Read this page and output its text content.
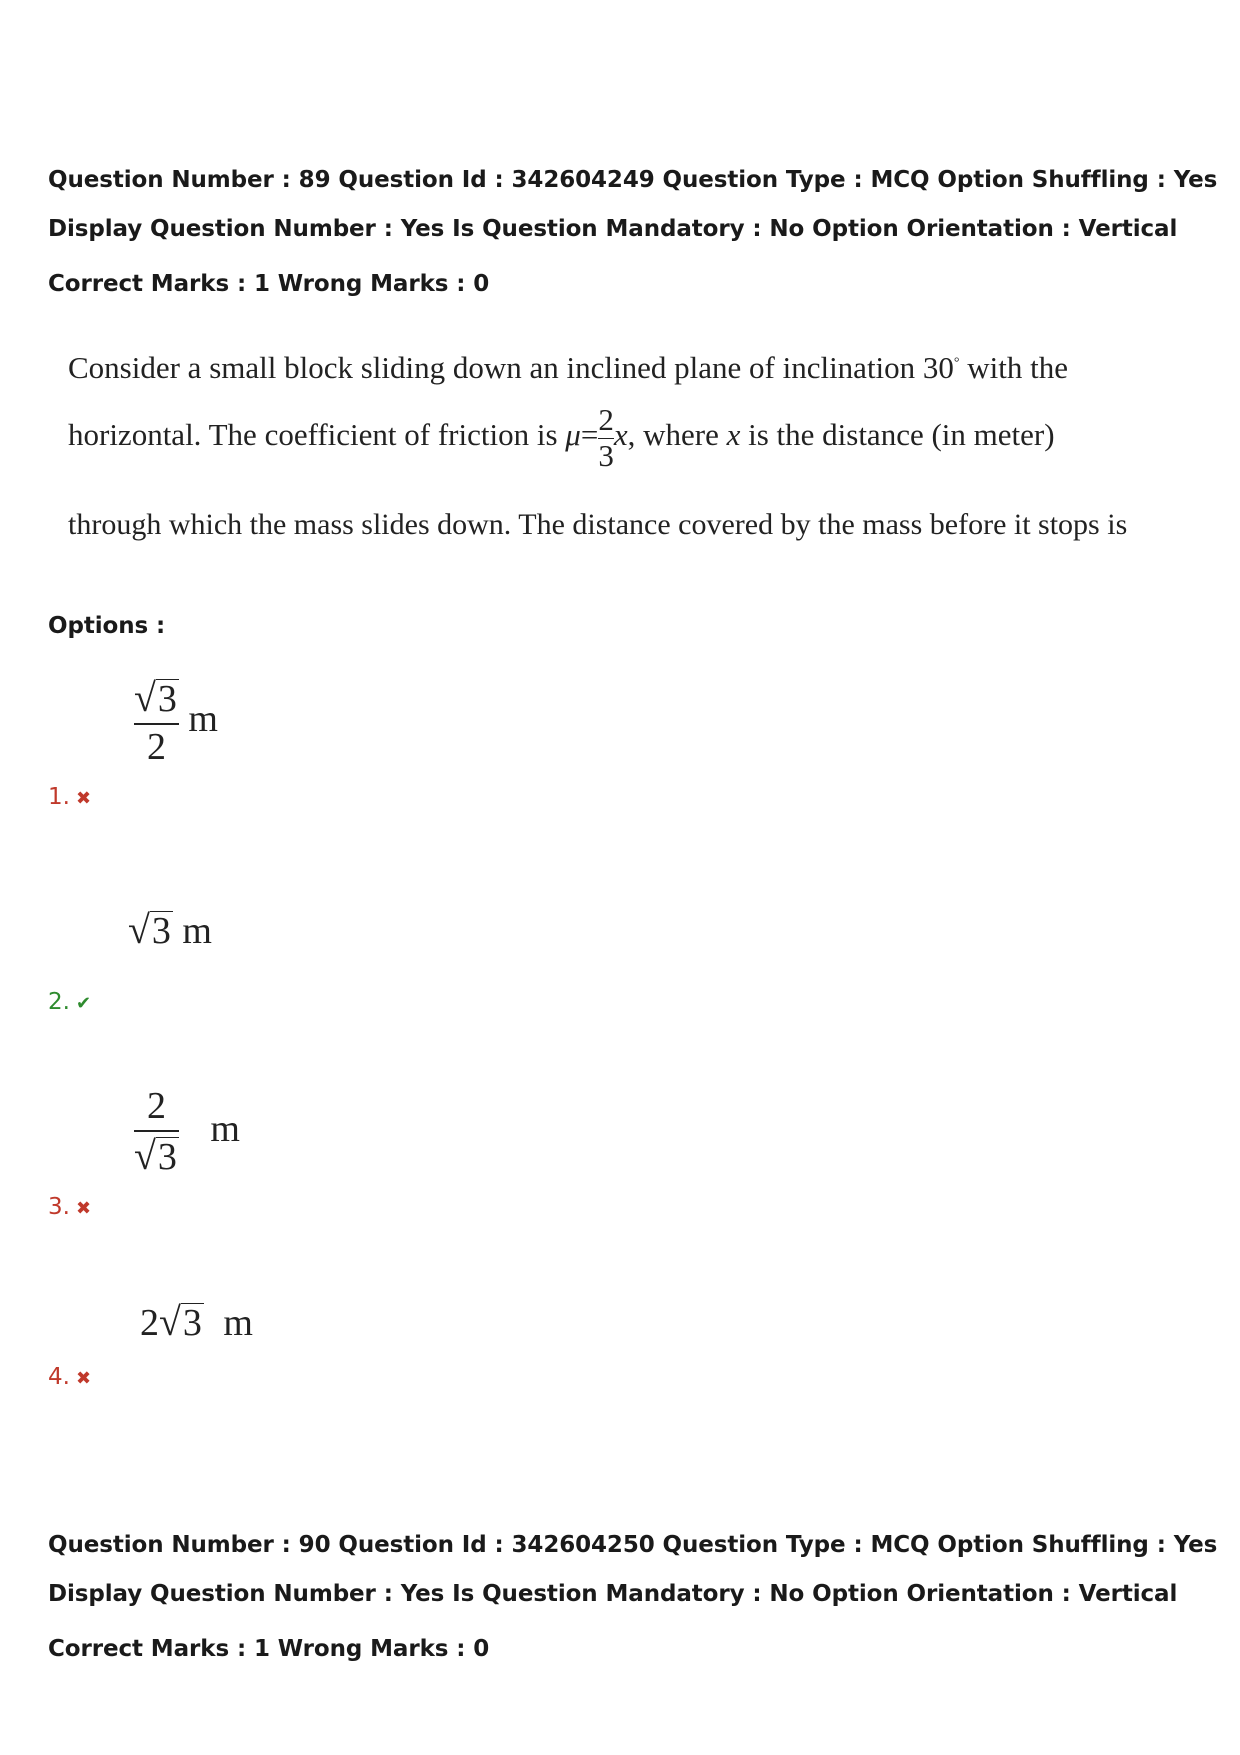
Question Number : 89 Question Id : 342604249 Question Type : MCQ Option Shuffling : Yes
Display Question Number : Yes Is Question Mandatory : No Option Orientation : Vertical
Correct Marks : 1 Wrong Marks : 0
Consider a small block sliding down an inclined plane of inclination 30° with the
horizontal. The coefficient of friction is $\mu= \frac{2}{3} x$, where x is the distance (in meter)
through which the mass slides down. The distance covered by the mass before it stops is
Options :
$\frac{√3}{2}$ m
1. ✖
√3 m
2. ✔
$\frac{2}{√3}$ m
3. ✖
2√3 m
4. ✖
Question Number : 90 Question Id : 342604250 Question Type : MCQ Option Shuffling : Yes
Display Question Number : Yes Is Question Mandatory : No Option Orientation : Vertical
Correct Marks : 1 Wrong Marks : 0
